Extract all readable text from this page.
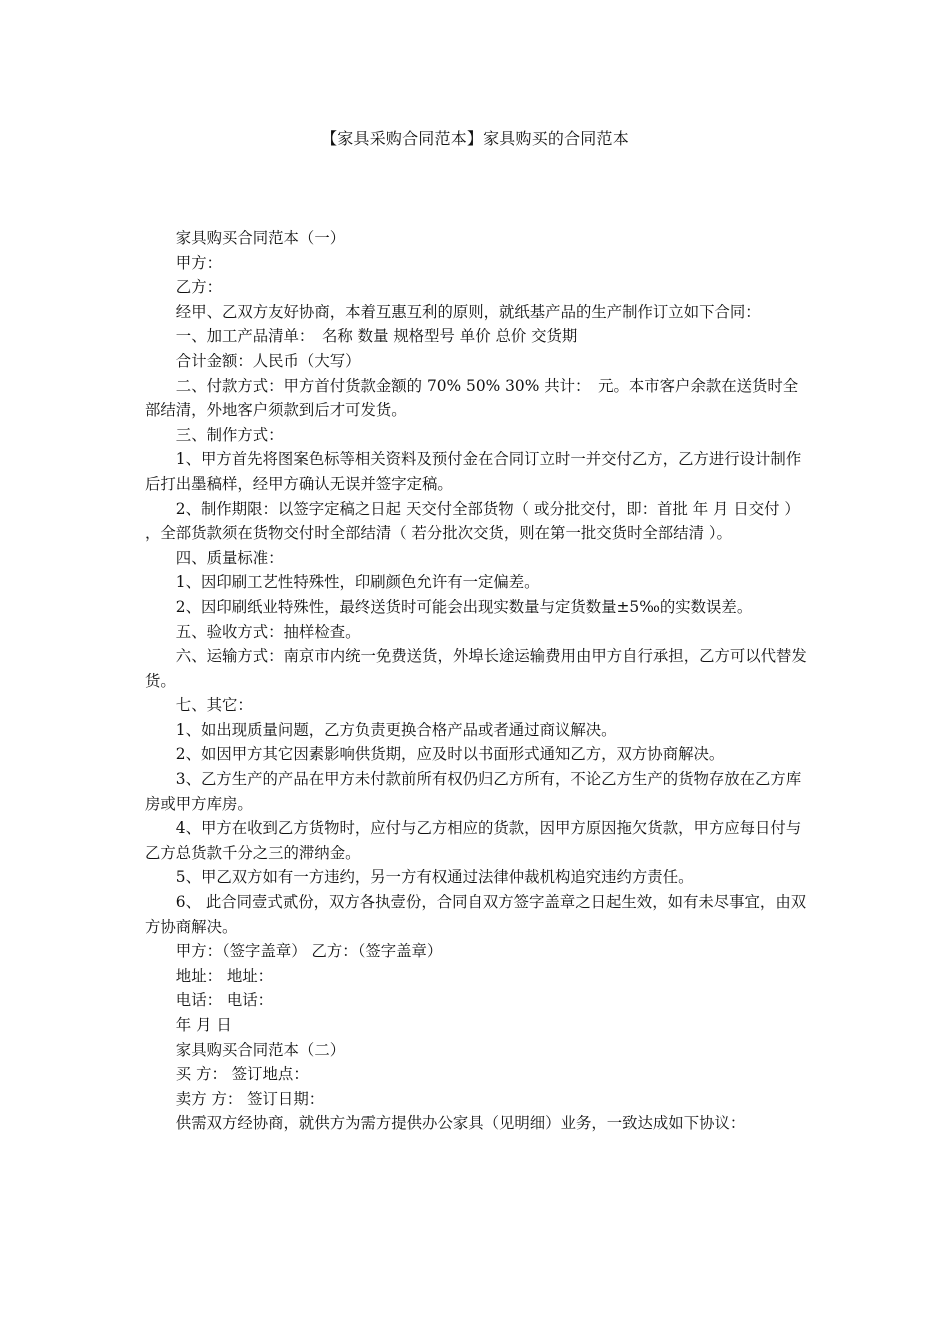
【家具采购合同范本】家具购买的合同范本

家具购买合同范本（一）

甲方：

乙方：

经甲、乙双方友好协商，本着互惠互利的原则，就纸基产品的生产制作订立如下合同：

一、加工产品清单：　名称 数量 规格型号 单价 总价 交货期

合计金额：人民币（大写）

二、付款方式：甲方首付货款金额的 70% 50% 30% 共计：　元。本市客户余款在送货时全部结清，外地客户须款到后才可发货。

三、制作方式：

1、甲方首先将图案色标等相关资料及预付金在合同订立时一并交付乙方，乙方进行设计制作后打出墨稿样，经甲方确认无误并签字定稿。

2、制作期限：以签字定稿之日起 天交付全部货物（ 或分批交付，即：首批 年 月 日交付 ） ，全部货款须在货物交付时全部结清（ 若分批次交货，则在第一批交货时全部结清 ）。

四、质量标准：

1、因印刷工艺性特殊性，印刷颜色允许有一定偏差。

2、因印刷纸业特殊性，最终送货时可能会出现实数量与定货数量±5‰的实数误差。

五、验收方式：抽样检查。

六、运输方式：南京市内统一免费送货，外埠长途运输费用由甲方自行承担，乙方可以代替发货。

七、其它：

1、如出现质量问题，乙方负责更换合格产品或者通过商议解决。

2、如因甲方其它因素影响供货期，应及时以书面形式通知乙方，双方协商解决。

3、乙方生产的产品在甲方未付款前所有权仍归乙方所有，不论乙方生产的货物存放在乙方库房或甲方库房。

4、甲方在收到乙方货物时，应付与乙方相应的货款，因甲方原因拖欠货款，甲方应每日付与乙方总货款千分之三的滞纳金。

5、甲乙双方如有一方违约，另一方有权通过法律仲裁机构追究违约方责任。

6、 此合同壹式贰份，双方各执壹份，合同自双方签字盖章之日起生效，如有未尽事宜，由双方协商解决。

甲方：（签字盖章） 乙方：（签字盖章）

地址： 地址：

电话： 电话：

年 月 日

家具购买合同范本（二）

买 方： 签订地点：

卖方 方： 签订日期：

供需双方经协商，就供方为需方提供办公家具（见明细）业务，一致达成如下协议：
